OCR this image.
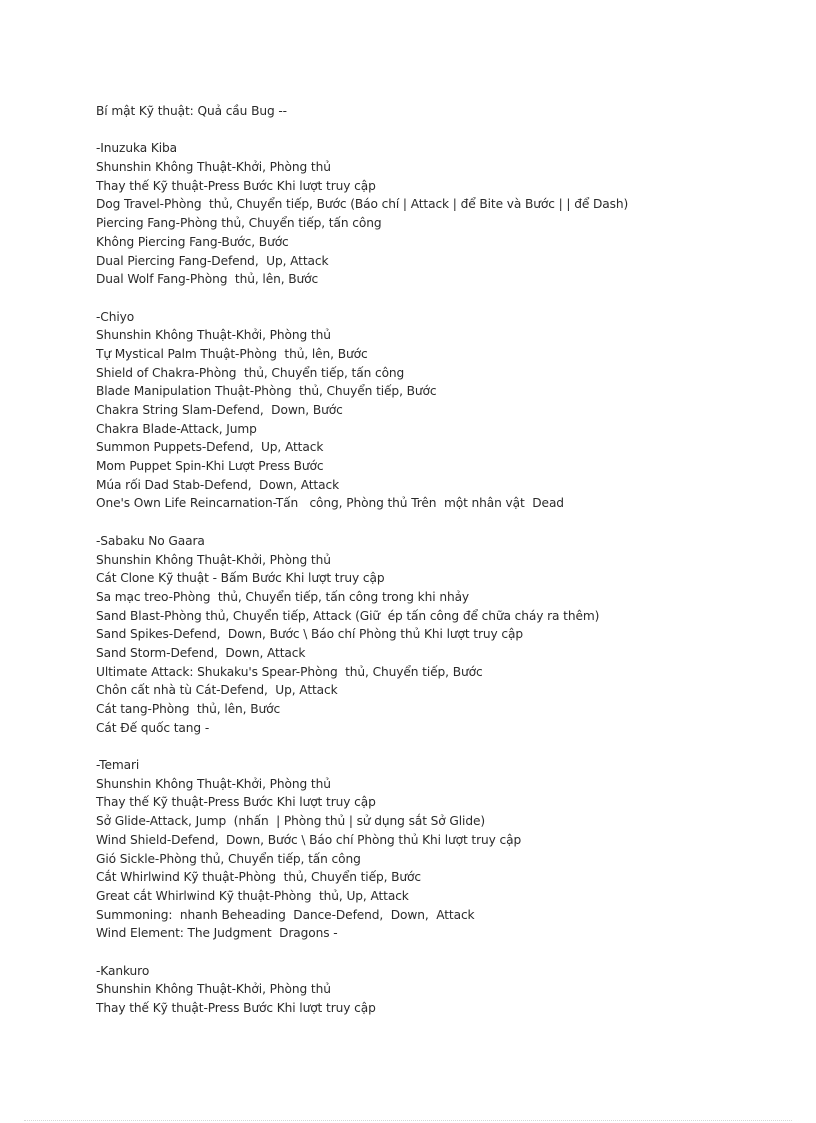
Bí mật Kỹ thuật: Quả cầu Bug --
-Inuzuka Kiba
Shunshin Không Thuật-Khởi, Phòng thủ
Thay thế Kỹ thuật-Press Bước Khi lượt truy cập
Dog Travel-Phòng  thủ, Chuyển tiếp, Bước (Báo chí | Attack | để Bite và Bước | | để Dash)
Piercing Fang-Phòng thủ, Chuyển tiếp, tấn công
Không Piercing Fang-Bước, Bước
Dual Piercing Fang-Defend,  Up, Attack
Dual Wolf Fang-Phòng  thủ, lên, Bước
-Chiyo
Shunshin Không Thuật-Khởi, Phòng thủ
Tự Mystical Palm Thuật-Phòng  thủ, lên, Bước
Shield of Chakra-Phòng  thủ, Chuyển tiếp, tấn công
Blade Manipulation Thuật-Phòng  thủ, Chuyển tiếp, Bước
Chakra String Slam-Defend,  Down, Bước
Chakra Blade-Attack, Jump
Summon Puppets-Defend,  Up, Attack
Mom Puppet Spin-Khi Lượt Press Bước
Múa rối Dad Stab-Defend,  Down, Attack
One's Own Life Reincarnation-Tấn   công, Phòng thủ Trên  một nhân vật  Dead
-Sabaku No Gaara
Shunshin Không Thuật-Khởi, Phòng thủ
Cát Clone Kỹ thuật - Bấm Bước Khi lượt truy cập
Sa mạc treo-Phòng  thủ, Chuyển tiếp, tấn công trong khi nhảy
Sand Blast-Phòng thủ, Chuyển tiếp, Attack (Giữ  ép tấn công để chữa cháy ra thêm)
Sand Spikes-Defend,  Down, Bước \ Báo chí Phòng thủ Khi lượt truy cập
Sand Storm-Defend,  Down, Attack
Ultimate Attack: Shukaku's Spear-Phòng  thủ, Chuyển tiếp, Bước
Chôn cất nhà tù Cát-Defend,  Up, Attack
Cát tang-Phòng  thủ, lên, Bước
Cát Đế quốc tang -
-Temari
Shunshin Không Thuật-Khởi, Phòng thủ
Thay thế Kỹ thuật-Press Bước Khi lượt truy cập
Sở Glide-Attack, Jump  (nhấn  | Phòng thủ | sử dụng sắt Sở Glide)
Wind Shield-Defend,  Down, Bước \ Báo chí Phòng thủ Khi lượt truy cập
Gió Sickle-Phòng thủ, Chuyển tiếp, tấn công
Cắt Whirlwind Kỹ thuật-Phòng  thủ, Chuyển tiếp, Bước
Great cắt Whirlwind Kỹ thuật-Phòng  thủ, Up, Attack
Summoning:  nhanh Beheading  Dance-Defend,  Down,  Attack
Wind Element: The Judgment  Dragons -
-Kankuro
Shunshin Không Thuật-Khởi, Phòng thủ
Thay thế Kỹ thuật-Press Bước Khi lượt truy cập
